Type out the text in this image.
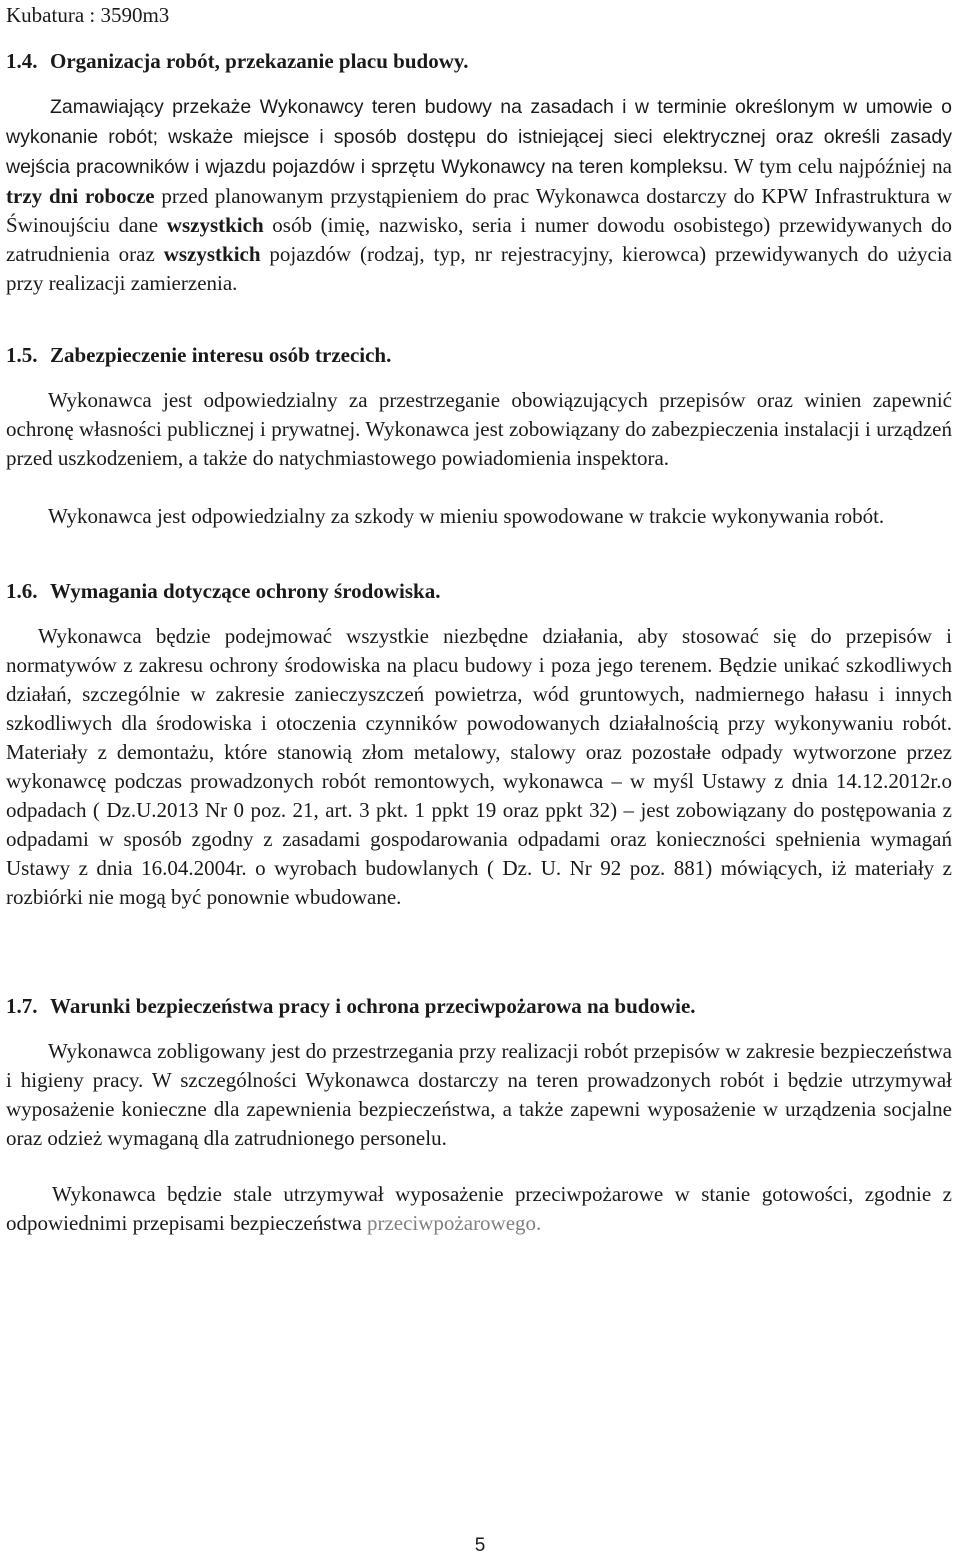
Kubatura : 3590m3
1.4. Organizacja robót, przekazanie placu budowy.
Zamawiający przekaże Wykonawcy teren budowy na zasadach i w terminie określonym w umowie o wykonanie robót; wskaże miejsce i sposób dostępu do istniejącej sieci elektrycznej oraz określi zasady wejścia pracowników i wjazdu pojazdów i sprzętu Wykonawcy na teren kompleksu. W tym celu najpóźniej na trzy dni robocze przed planowanym przystąpieniem do prac Wykonawca dostarczy do KPW Infrastruktura w Świnoujściu dane wszystkich osób (imię, nazwisko, seria i numer dowodu osobistego) przewidywanych do zatrudnienia oraz wszystkich pojazdów (rodzaj, typ, nr rejestracyjny, kierowca) przewidywanych do użycia przy realizacji zamierzenia.
1.5. Zabezpieczenie interesu osób trzecich.
Wykonawca jest odpowiedzialny za przestrzeganie obowiązujących przepisów oraz winien zapewnić ochronę własności publicznej i prywatnej. Wykonawca jest zobowiązany do zabezpieczenia instalacji i urządzeń przed uszkodzeniem, a także do natychmiastowego powiadomienia inspektora.
Wykonawca jest odpowiedzialny za szkody w mieniu spowodowane w trakcie wykonywania robót.
1.6. Wymagania dotyczące ochrony środowiska.
Wykonawca będzie podejmować wszystkie niezbędne działania, aby stosować się do przepisów i normatywów z zakresu ochrony środowiska na placu budowy i poza jego terenem. Będzie unikać szkodliwych działań, szczególnie w zakresie zanieczyszczeń powietrza, wód gruntowych, nadmiernego hałasu i innych szkodliwych dla środowiska i otoczenia czynników powodowanych działalnością przy wykonywaniu robót. Materiały z demontażu, które stanowią złom metalowy, stalowy oraz pozostałe odpady wytworzone przez wykonawcę podczas prowadzonych robót remontowych, wykonawca – w myśl Ustawy z dnia 14.12.2012r.o odpadach ( Dz.U.2013 Nr 0 poz. 21, art. 3 pkt. 1 ppkt 19 oraz ppkt 32) – jest zobowiązany do postępowania z odpadami w sposób zgodny z zasadami gospodarowania odpadami oraz konieczności spełnienia wymagań Ustawy z dnia 16.04.2004r. o wyrobach budowlanych ( Dz. U. Nr 92 poz. 881) mówiących, iż materiały z rozbiórki nie mogą być ponownie wbudowane.
1.7. Warunki bezpieczeństwa pracy i ochrona przeciwpożarowa na budowie.
Wykonawca zobligowany jest do przestrzegania przy realizacji robót przepisów w zakresie bezpieczeństwa i higieny pracy. W szczególności Wykonawca dostarczy na teren prowadzonych robót i będzie utrzymywał wyposażenie konieczne dla zapewnienia bezpieczeństwa, a także zapewni wyposażenie w urządzenia socjalne oraz odzież wymaganą dla zatrudnionego personelu.
Wykonawca będzie stale utrzymywał wyposażenie przeciwpożarowe w stanie gotowości, zgodnie z odpowiednimi przepisami bezpieczeństwa przeciwpożarowego.
5
